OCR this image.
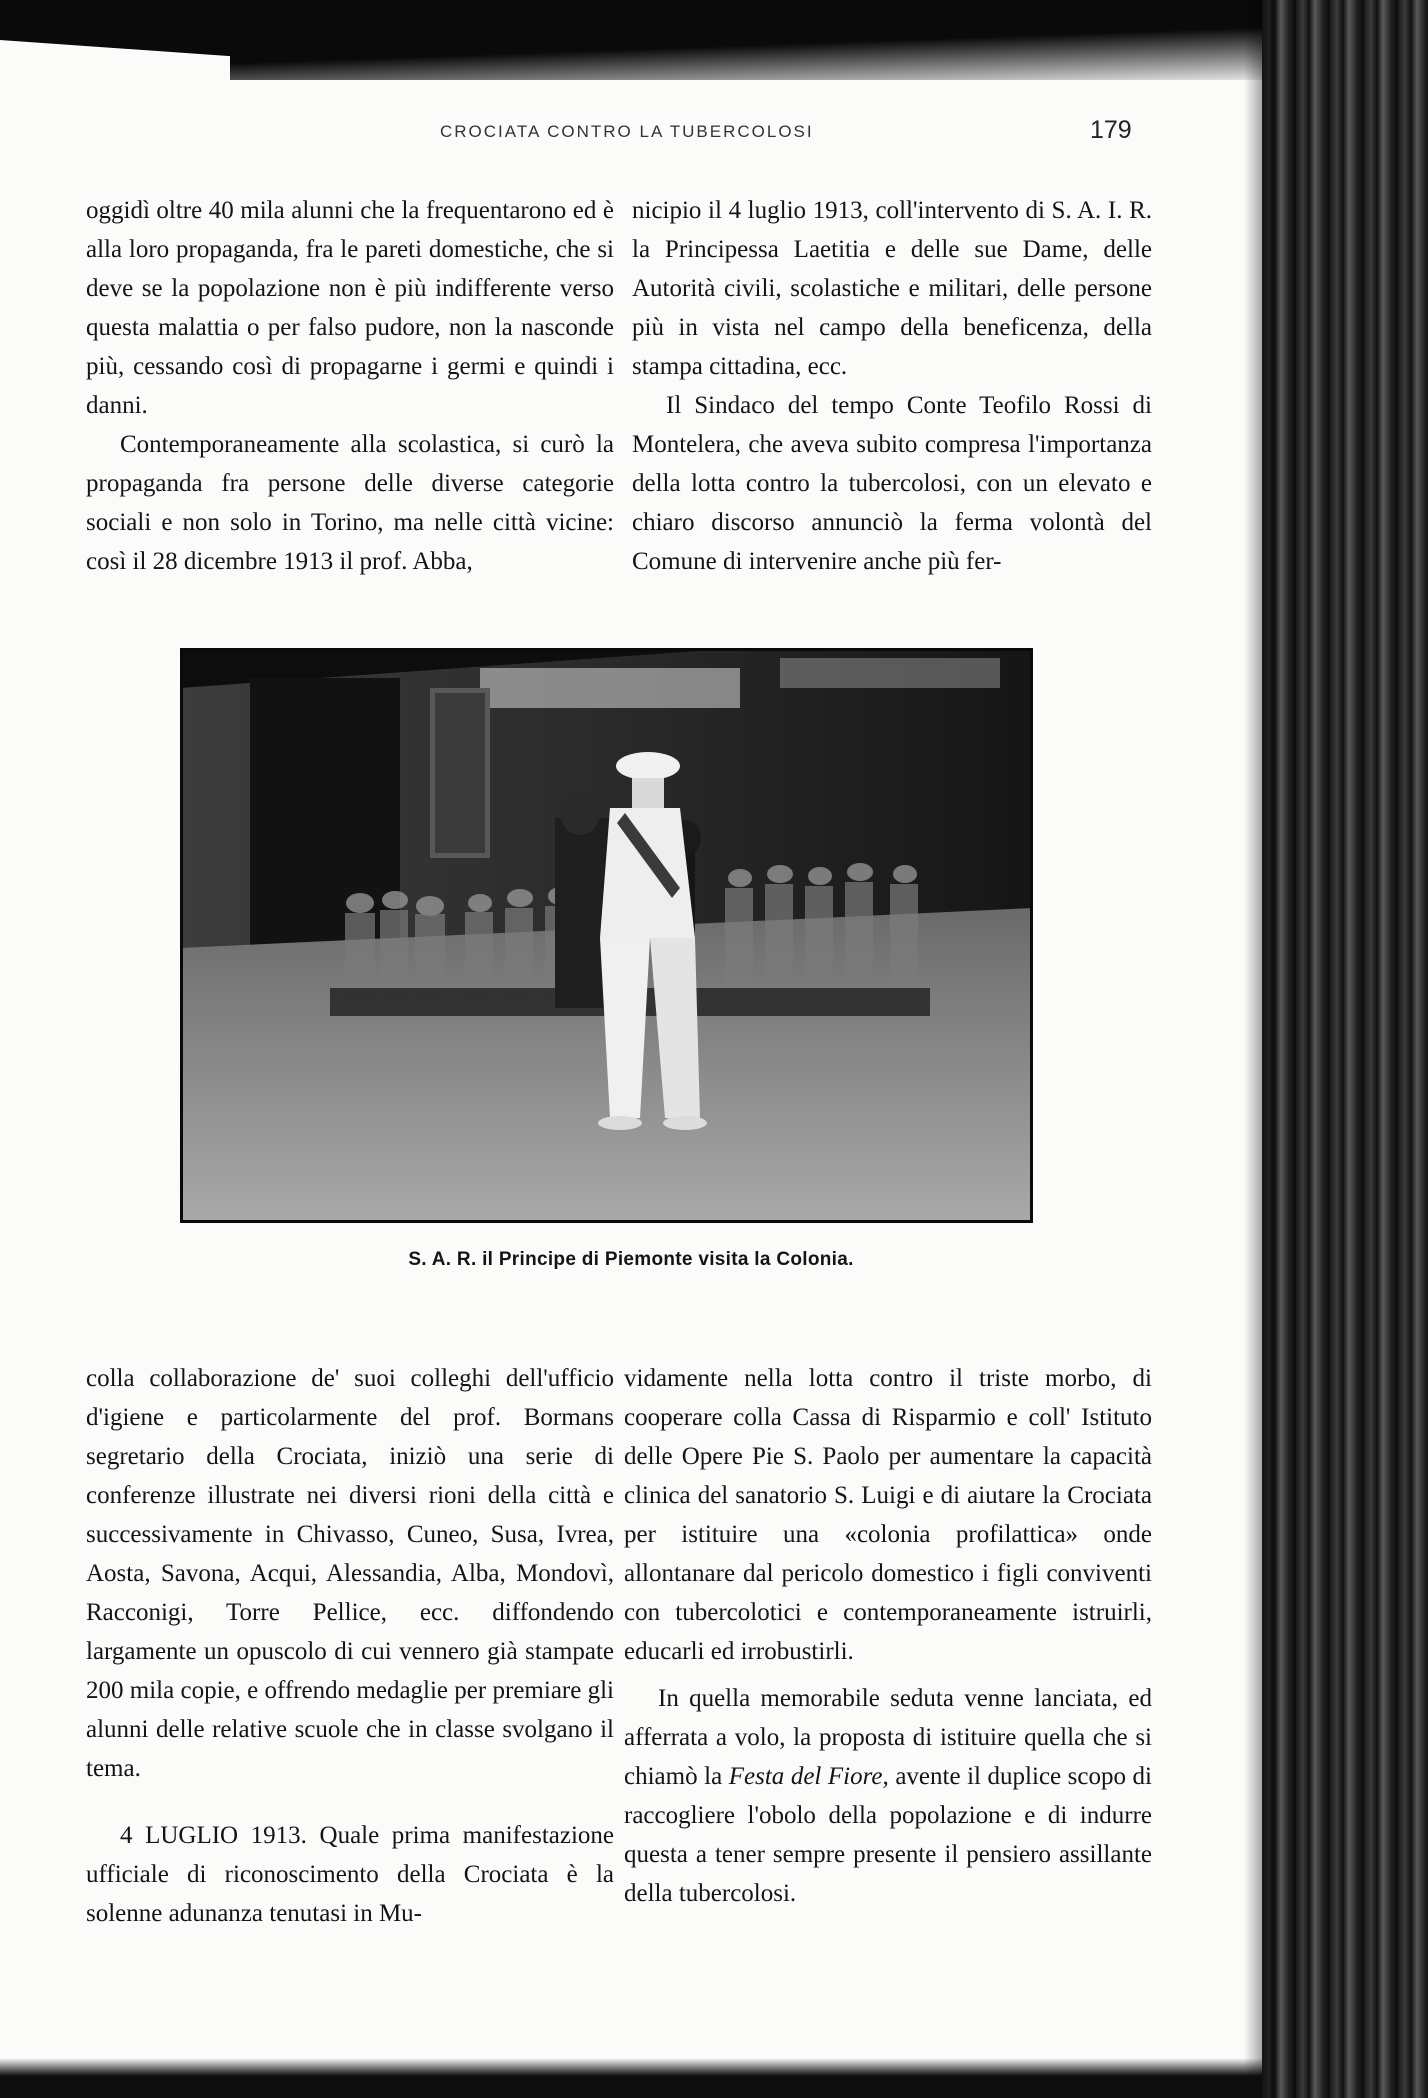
CROCIATA CONTRO LA TUBERCOLOSI	179

oggidì oltre 40 mila alunni che la frequentarono ed è alla loro propaganda, fra le pareti domestiche, che si deve se la popolazione non è più indifferente verso questa malattia o per falso pudore, non la nasconde più, cessando così di propagarne i germi e quindi i danni.

Contemporaneamente alla scolastica, si curò la propaganda fra persone delle diverse categorie sociali e non solo in Torino, ma nelle città vicine: così il 28 dicembre 1913 il prof. Abba,

nicipio il 4 luglio 1913, coll'intervento di S. A. I. R. la Principessa Laetitia e delle sue Dame, delle Autorità civili, scolastiche e militari, delle persone più in vista nel campo della beneficenza, della stampa cittadina, ecc.

Il Sindaco del tempo Conte Teofilo Rossi di Montelera, che aveva subito compresa l'importanza della lotta contro la tubercolosi, con un elevato e chiaro discorso annunciò la ferma volontà del Comune di intervenire anche più fer-

S. A. R. il Principe di Piemonte visita la Colonia.

colla collaborazione de' suoi colleghi dell'ufficio d'igiene e particolarmente del prof. Bormans segretario della Crociata, iniziò una serie di conferenze illustrate nei diversi rioni della città e successivamente in Chivasso, Cuneo, Susa, Ivrea, Aosta, Savona, Acqui, Alessandia, Alba, Mondovì, Racconigi, Torre Pellice, ecc. diffondendo largamente un opuscolo di cui vennero già stampate 200 mila copie, e offrendo medaglie per premiare gli alunni delle relative scuole che in classe svolgano il tema.

4 LUGLIO 1913. Quale prima manifestazione ufficiale di riconoscimento della Crociata è la solenne adunanza tenutasi in Mu-

vidamente nella lotta contro il triste morbo, di cooperare colla Cassa di Risparmio e coll' Istituto delle Opere Pie S. Paolo per aumentare la capacità clinica del sanatorio S. Luigi e di aiutare la Crociata per istituire una «colonia profilattica» onde allontanare dal pericolo domestico i figli conviventi con tubercolotici e contemporaneamente istruirli, educarli ed irrobustirli.

In quella memorabile seduta venne lanciata, ed afferrata a volo, la proposta di istituire quella che si chiamò la Festa del Fiore, avente il duplice scopo di raccogliere l'obolo della popolazione e di indurre questa a tener sempre presente il pensiero assillante della tubercolosi.
